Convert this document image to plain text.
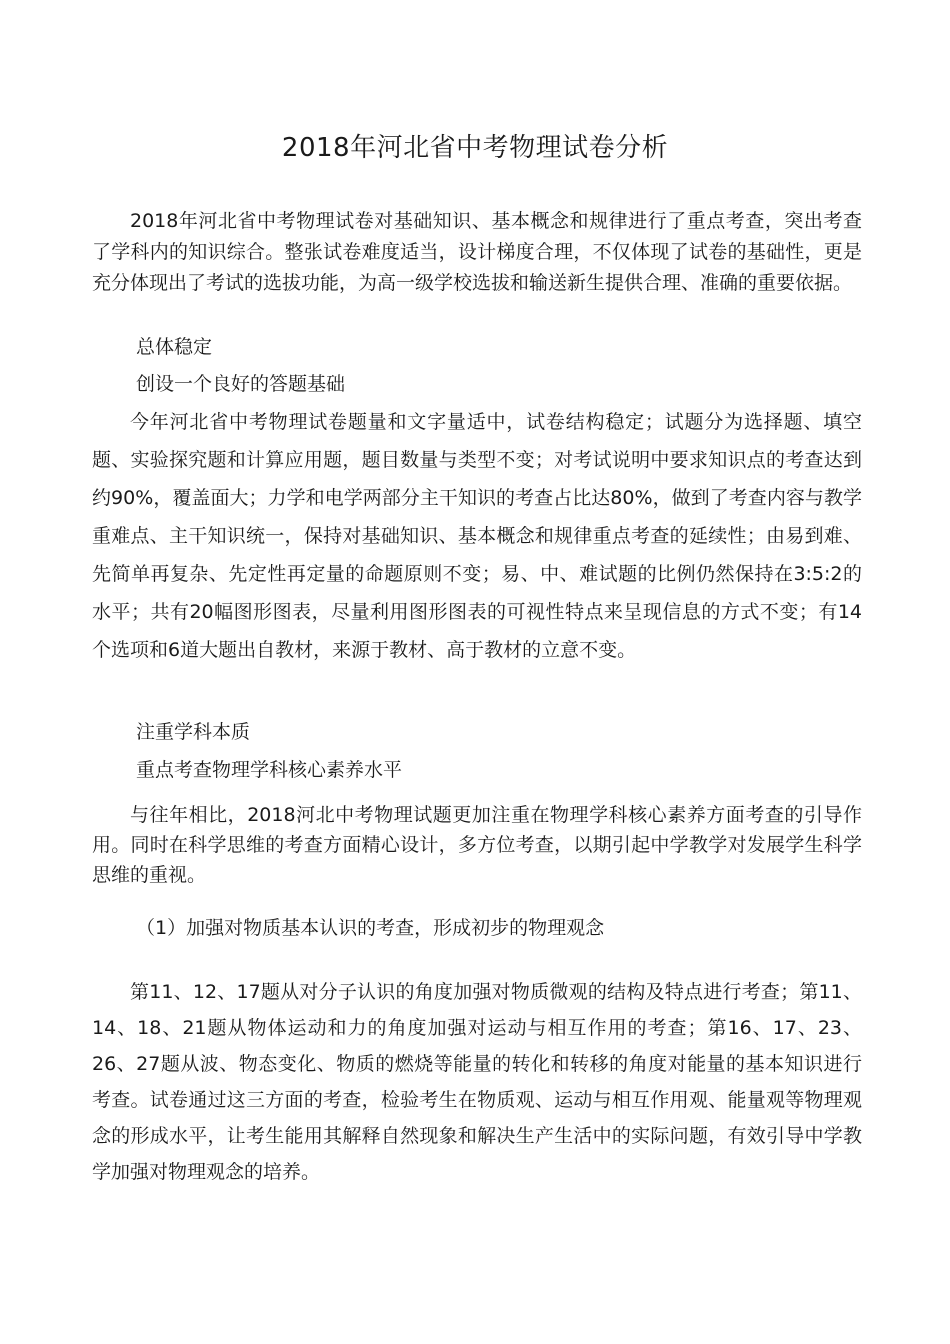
2018年河北省中考物理试卷分析
2018年河北省中考物理试卷对基础知识、基本概念和规律进行了重点考查，突出考查了学科内的知识综合。整张试卷难度适当，设计梯度合理，不仅体现了试卷的基础性，更是充分体现出了考试的选拔功能，为高一级学校选拔和输送新生提供合理、准确的重要依据。
总体稳定
创设一个良好的答题基础
今年河北省中考物理试卷题量和文字量适中，试卷结构稳定；试题分为选择题、填空题、实验探究题和计算应用题，题目数量与类型不变；对考试说明中要求知识点的考查达到约90%，覆盖面大；力学和电学两部分主干知识的考查占比达80%，做到了考查内容与教学重难点、主干知识统一，保持对基础知识、基本概念和规律重点考查的延续性；由易到难、先简单再复杂、先定性再定量的命题原则不变；易、中、难试题的比例仍然保持在3:5:2的水平；共有20幅图形图表，尽量利用图形图表的可视性特点来呈现信息的方式不变；有14个选项和6道大题出自教材，来源于教材、高于教材的立意不变。
注重学科本质
重点考查物理学科核心素养水平
与往年相比，2018河北中考物理试题更加注重在物理学科核心素养方面考查的引导作用。同时在科学思维的考查方面精心设计，多方位考查，以期引起中学教学对发展学生科学思维的重视。
（1）加强对物质基本认识的考查，形成初步的物理观念
第11、12、17题从对分子认识的角度加强对物质微观的结构及特点进行考查；第11、14、18、21题从物体运动和力的角度加强对运动与相互作用的考查；第16、17、23、26、27题从波、物态变化、物质的燃烧等能量的转化和转移的角度对能量的基本知识进行考查。试卷通过这三方面的考查，检验考生在物质观、运动与相互作用观、能量观等物理观念的形成水平，让考生能用其解释自然现象和解决生产生活中的实际问题，有效引导中学教学加强对物理观念的培养。
